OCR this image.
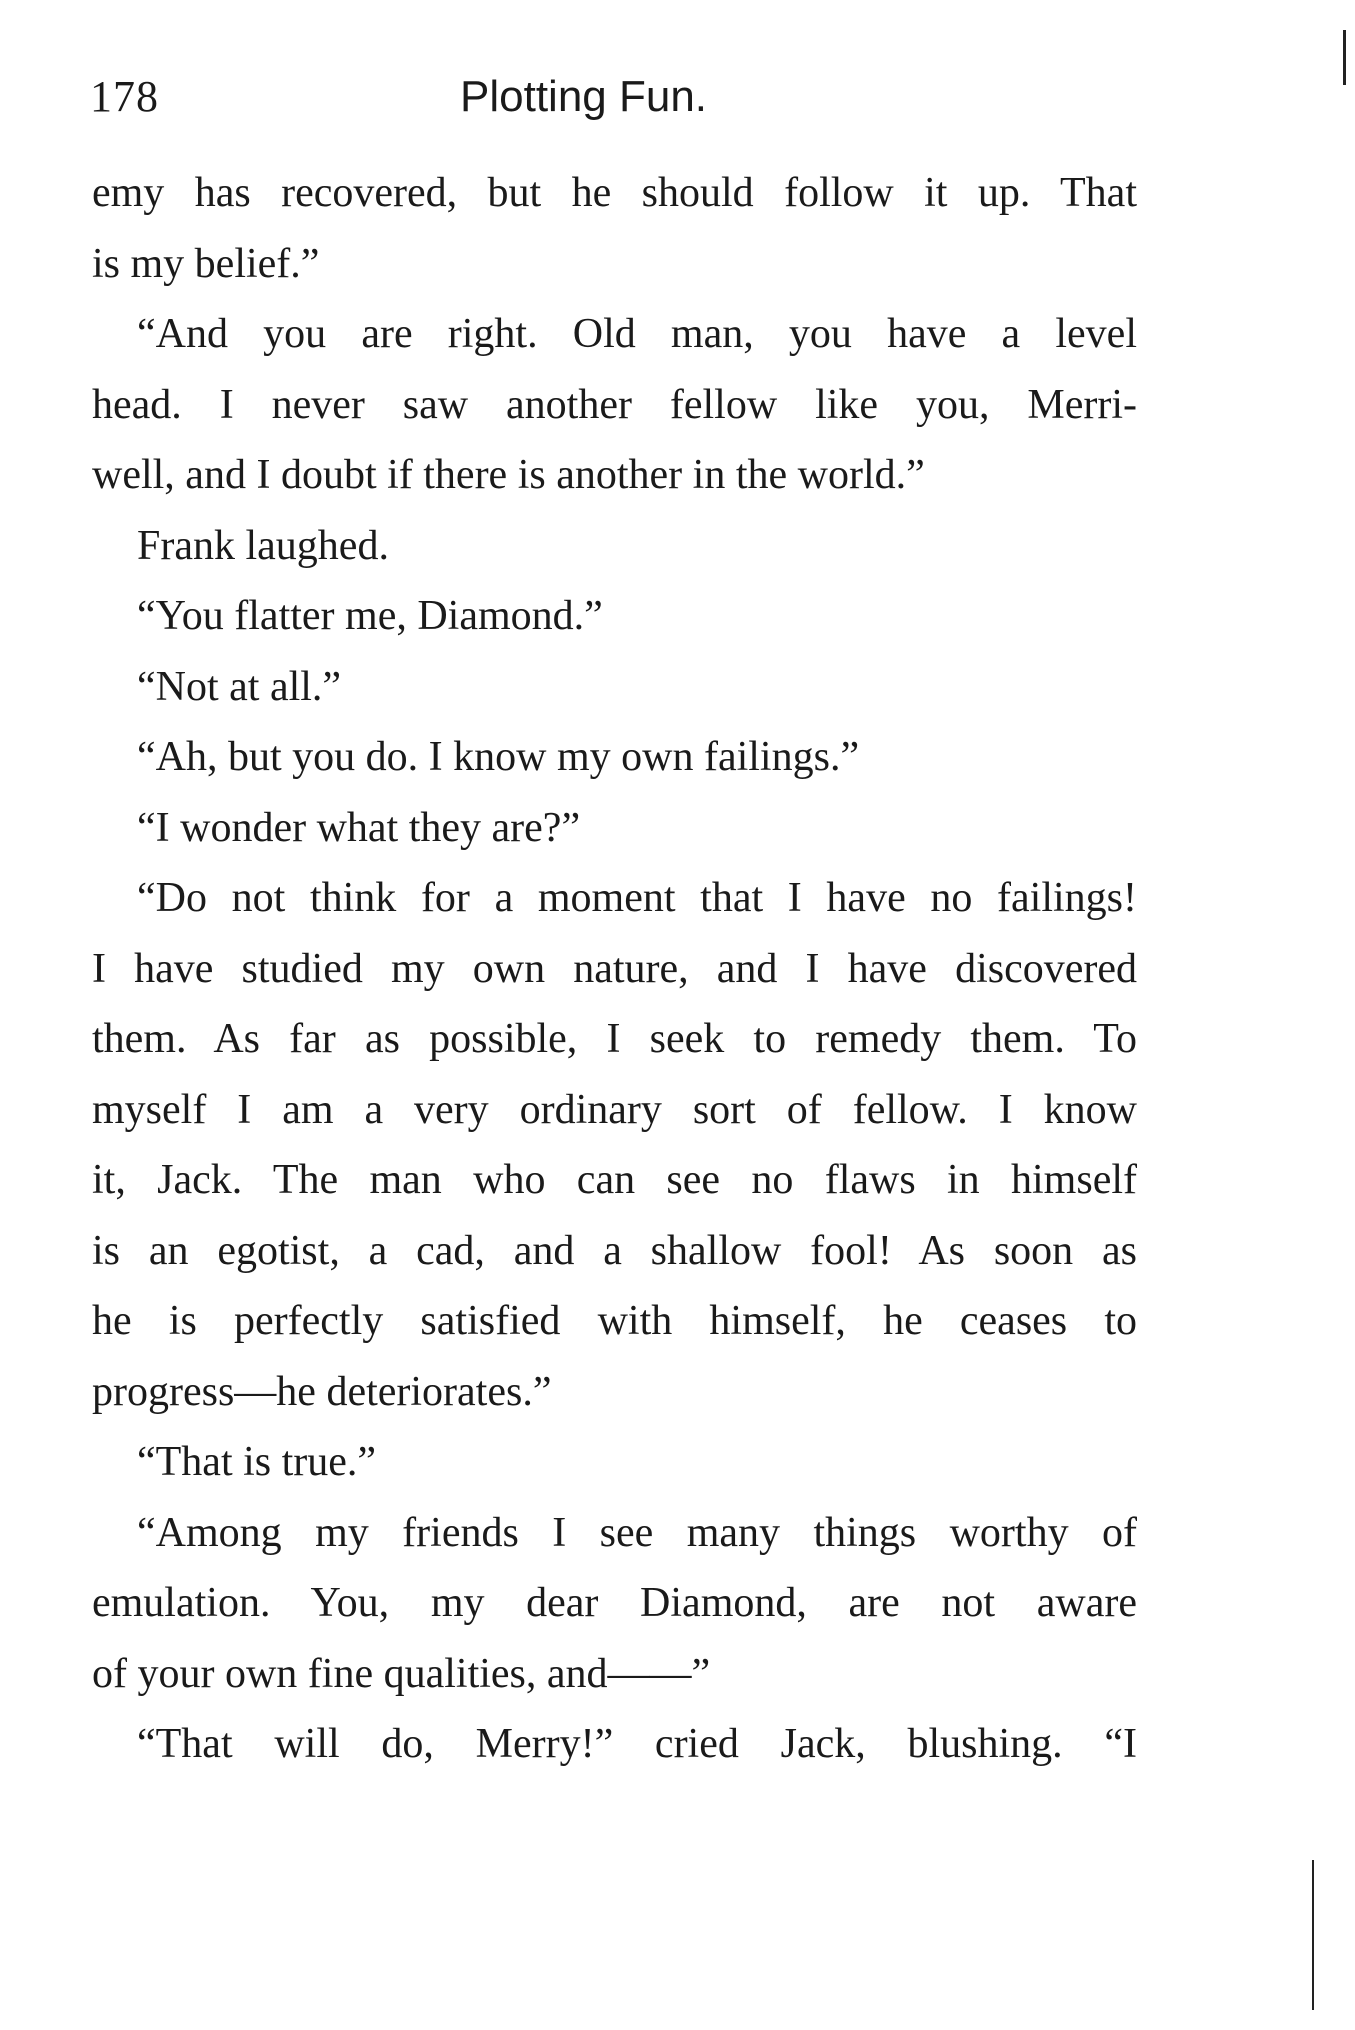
178	Plotting Fun.
emy has recovered, but he should follow it up. That
is my belief.”
“And you are right. Old man, you have a level
head. I never saw another fellow like you, Merri-
well, and I doubt if there is another in the world.”
Frank laughed.
“You flatter me, Diamond.”
“Not at all.”
“Ah, but you do. I know my own failings.”
“I wonder what they are?”
“Do not think for a moment that I have no failings!
I have studied my own nature, and I have discovered
them. As far as possible, I seek to remedy them. To
myself I am a very ordinary sort of fellow. I know
it, Jack. The man who can see no flaws in himself
is an egotist, a cad, and a shallow fool! As soon as
he is perfectly satisfied with himself, he ceases to
progress—he deteriorates.”
“That is true.”
“Among my friends I see many things worthy of
emulation. You, my dear Diamond, are not aware
of your own fine qualities, and——”
“That will do, Merry!” cried Jack, blushing. “I
